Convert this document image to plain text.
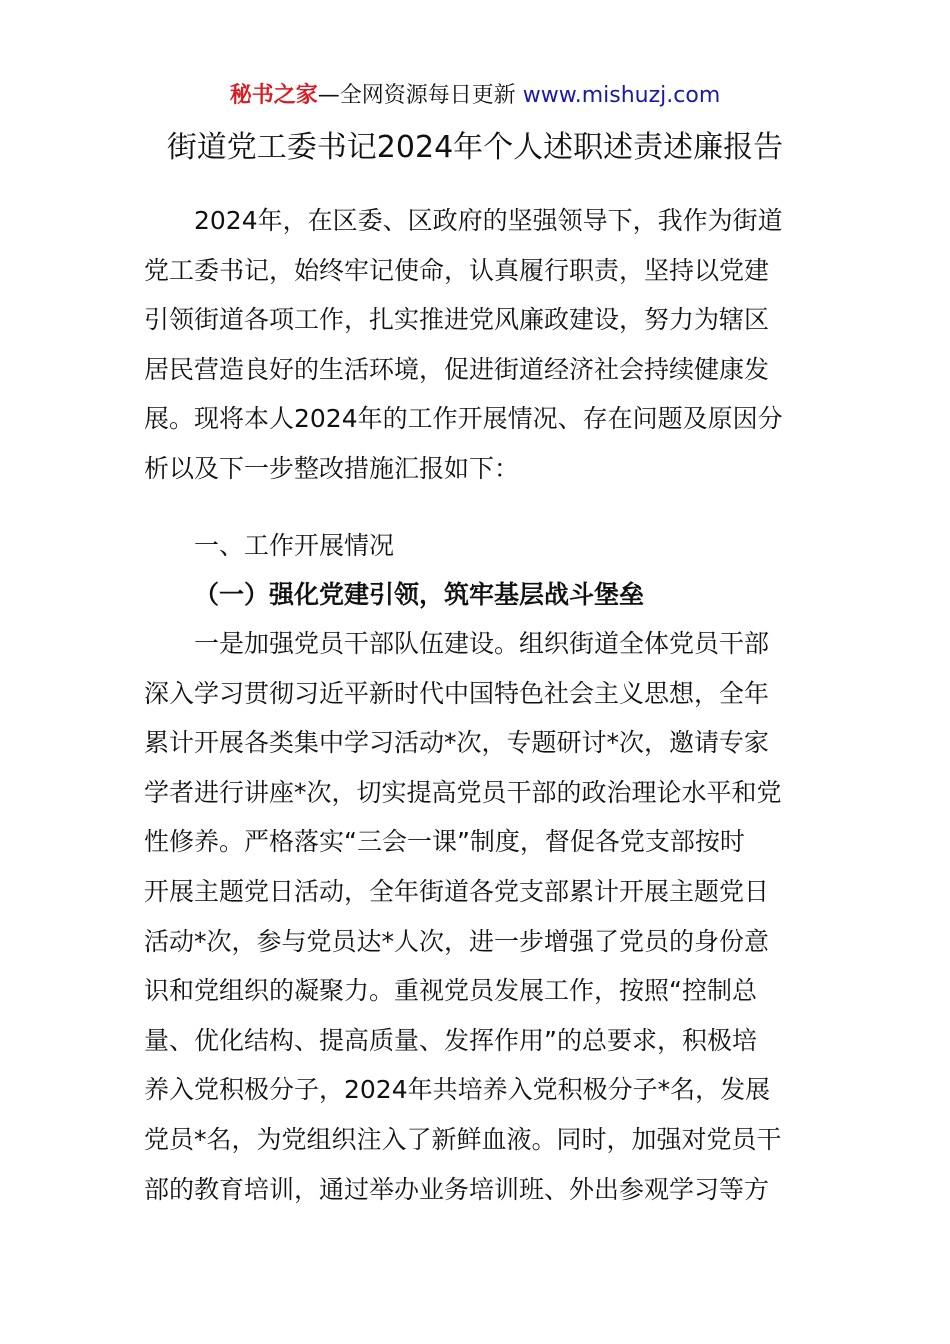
秘书之家—全网资源每日更新 www.mishuzj.com
街道党工委书记2024年个人述职述责述廉报告
　　2024年，在区委、区政府的坚强领导下，我作为街道
党工委书记，始终牢记使命，认真履行职责，坚持以党建
引领街道各项工作，扎实推进党风廉政建设，努力为辖区
居民营造良好的生活环境，促进街道经济社会持续健康发
展。现将本人2024年的工作开展情况、存在问题及原因分
析以及下一步整改措施汇报如下：
一、工作开展情况
（一）强化党建引领，筑牢基层战斗堡垒
　　一是加强党员干部队伍建设。组织街道全体党员干部
深入学习贯彻习近平新时代中国特色社会主义思想，全年
累计开展各类集中学习活动*次，专题研讨*次，邀请专家
学者进行讲座*次，切实提高党员干部的政治理论水平和党
性修养。严格落实“三会一课”制度，督促各党支部按时
开展主题党日活动，全年街道各党支部累计开展主题党日
活动*次，参与党员达*人次，进一步增强了党员的身份意
识和党组织的凝聚力。重视党员发展工作，按照“控制总
量、优化结构、提高质量、发挥作用”的总要求，积极培
养入党积极分子，2024年共培养入党积极分子*名，发展
党员*名，为党组织注入了新鲜血液。同时，加强对党员干
部的教育培训，通过举办业务培训班、外出参观学习等方
